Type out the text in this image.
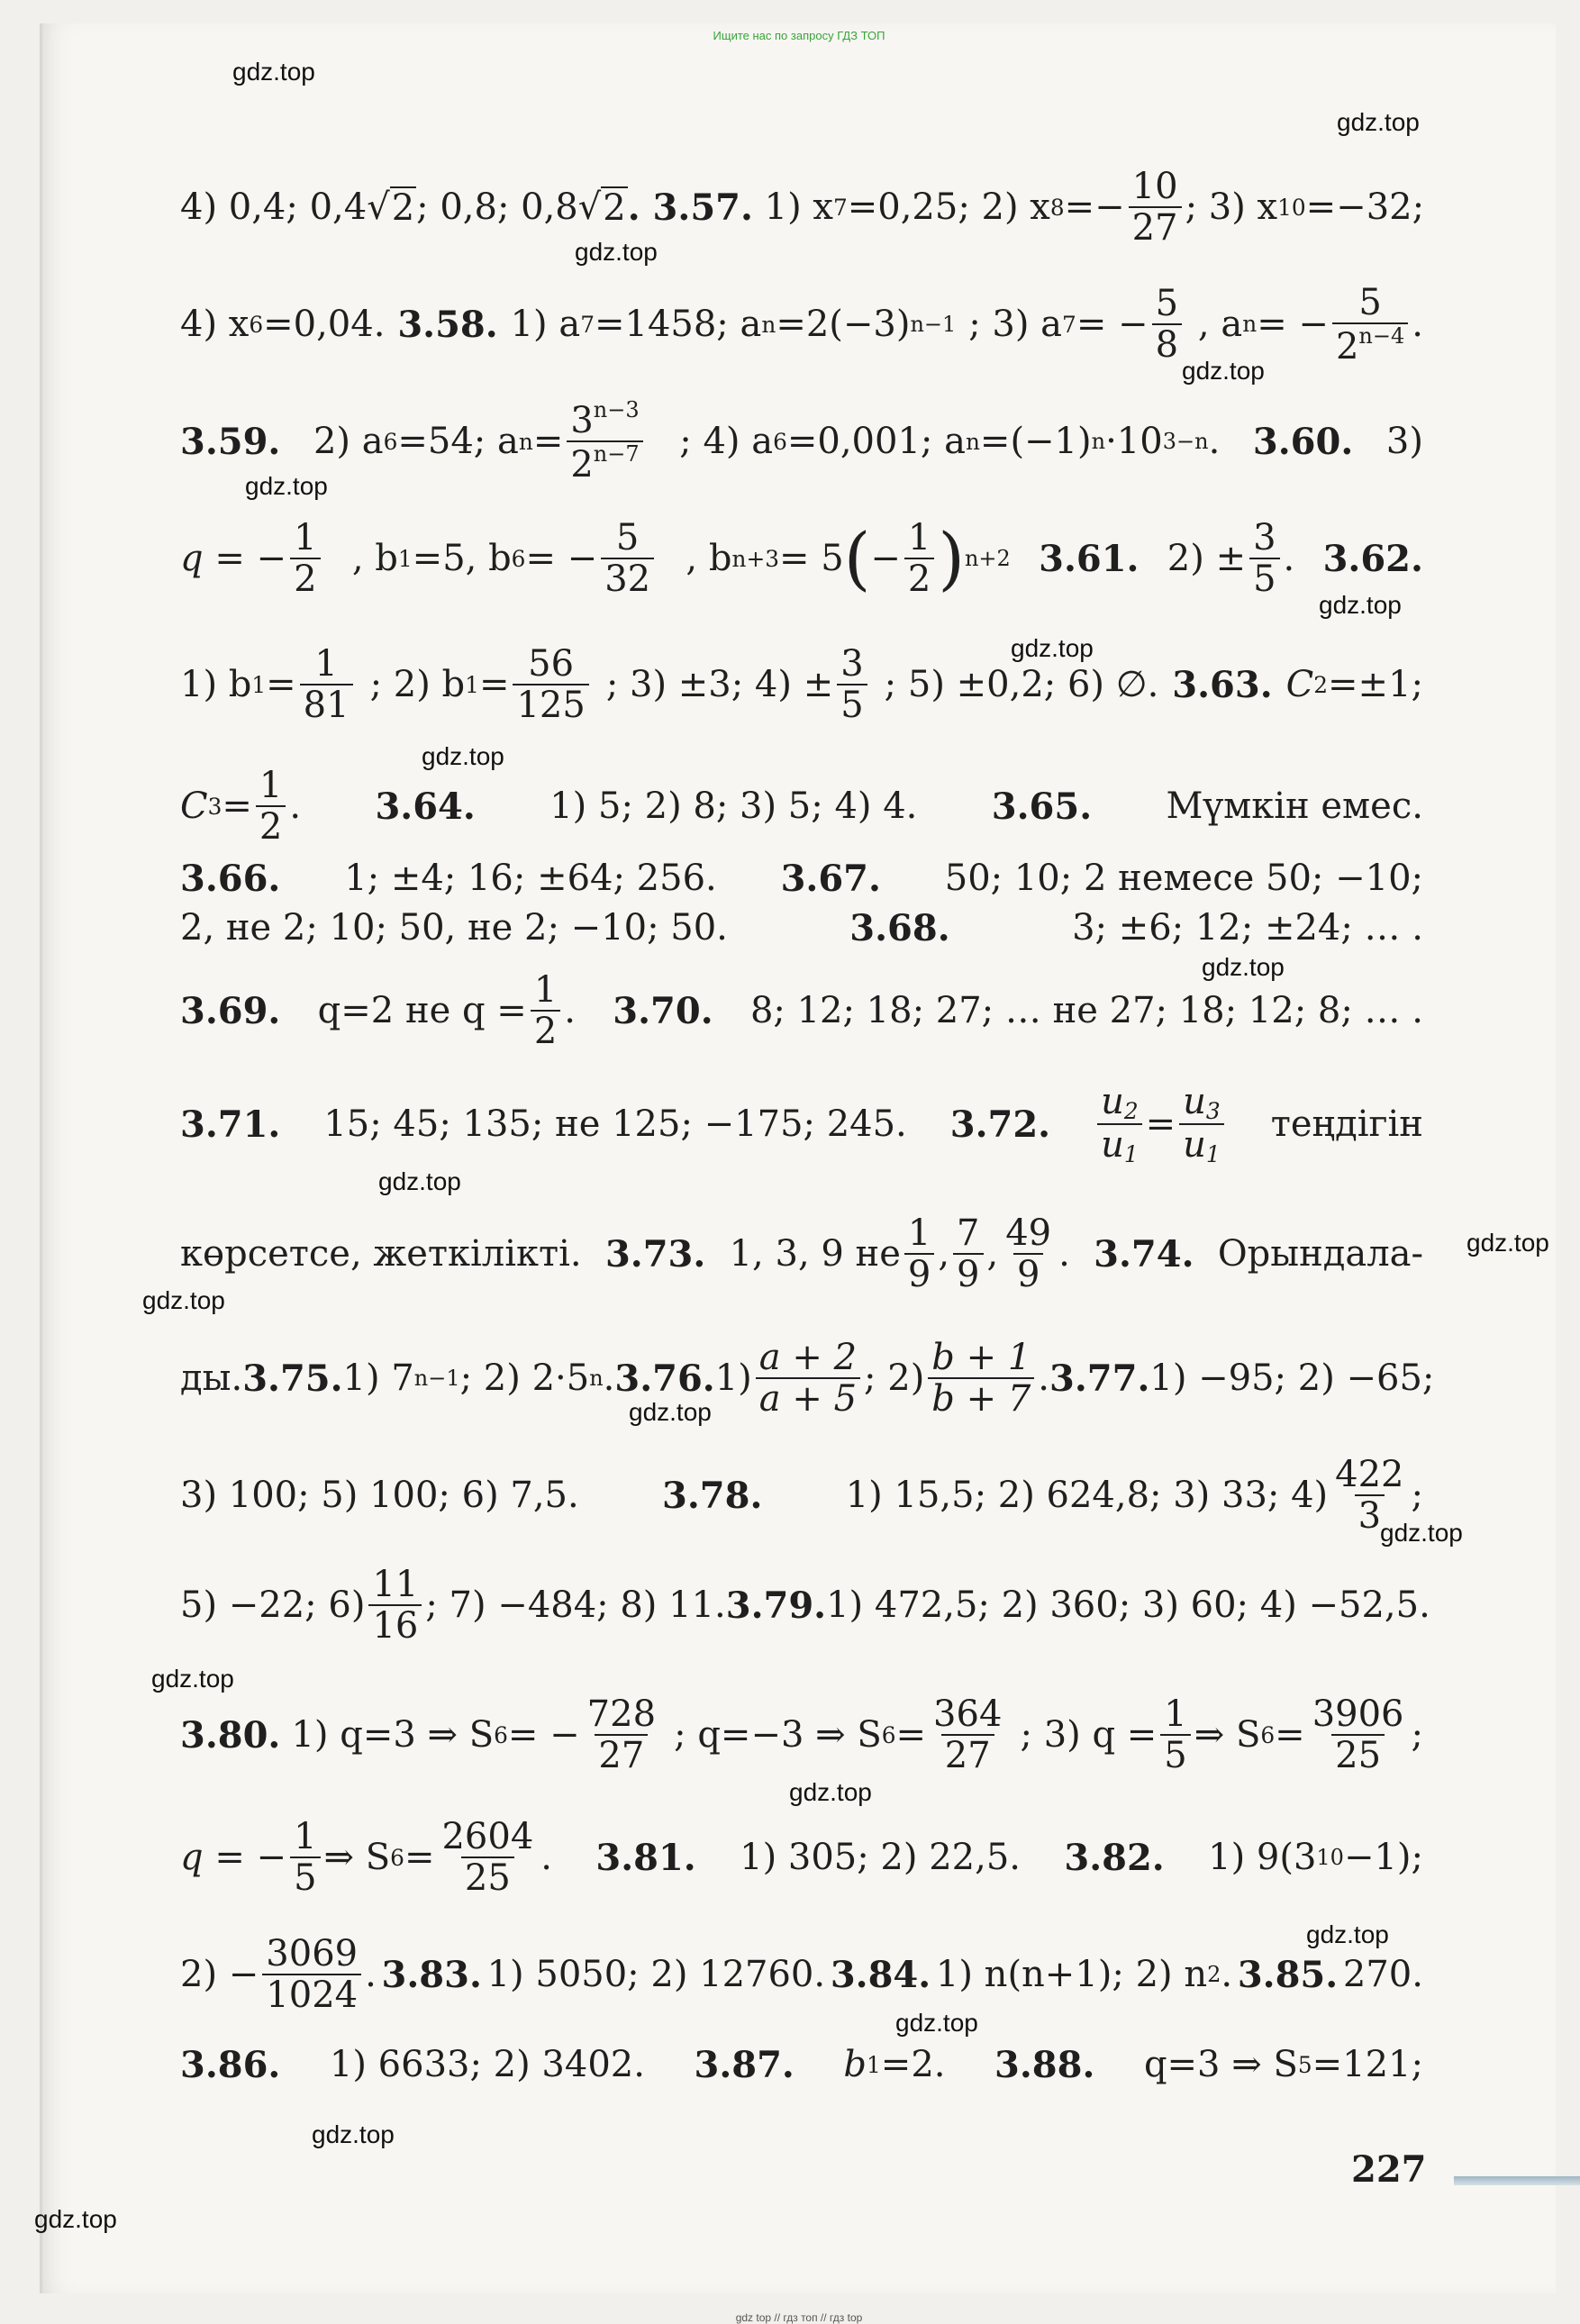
Ищите нас по запросу ГДЗ ТОП
gdz top // гдз топ // гдз top
gdz.top
gdz.top
gdz.top
gdz.top
gdz.top
gdz.top
gdz.top
gdz.top
gdz.top
gdz.top
gdz.top
gdz.top
gdz.top
gdz.top
gdz.top
gdz.top
gdz.top
gdz.top
gdz.top
gdz.top
4) 0,4; 0,4 √ 2 ; 0,8; 0,8 √ 2 . 3.57.
1) x 7 =0,25; 2) x $8 =- \frac{10}{27}$ ; 3) x 10 =−32;
4) x 6 =0,04. 3.58. 1) a 7 =1458; a n =2(−3) n−1 ; 3) a 7 = − $\frac{5}{8}$ , a n = − $\frac{5}{2^{n-4}}$ .
3.59. 2) a 6 =54; a $n = \frac{3^{n-3}}{2^{n-7}}$ ; 4) a 6 =0,001; a n =(−1) n ·10 3−n . 3.60. 3)
q = − $\frac{1}{2}$ , b 1 =5, b 6 = − $\frac{5}{32}$ , b n+3 = 5 ( − $\frac{1}{2}$ ) n+2 3.61. $2) \pm \frac{3}{5}$ . 3.62.
1) b $1 = \frac{1}{81}$ ; 2) b $1 = \frac{56}{125}$ ; 3) ±3; $4) \pm \frac{3}{5}$ ; 5) ±0,2; 6) ∅. 3.63. C 2 =±1;
C $3 = \frac{1}{2}$ . 3.64. 1) 5; 2) 8; 3) 5; 4) 4. 3.65. Мүмкін емес.
3.66. 1; ±4; 16; ±64; 256. 3.67. 50; 10; 2 немесе 50; −10;
2, не 2; 10; 50, не 2; −10; 50.	3.68.	3; ±6; 12; ±24; … .
3.69. q=2 не $q = \frac{1}{2}$ . 3.70. 8; 12; 18; 27; … не 27; 18; 12; 8; … .
3.71. 15; 45; 135; не 125; −175; 245. 3.72. $\frac{u_2}{u_1} = \frac{u_3}{u_1}$ теңдігін
көрсетсе, жеткілікті. 3.73. 1, 3, 9 не $\frac{1}{9}$ , $\frac{7}{9}$ , $\frac{49}{9}$ . 3.74. Орындала-
ды. 3.75. 1) 7 n−1 ; 2) 2·5 n . 3.76. $1) \frac{a + 2}{a + 5}$ ; $2) \frac{b + 1}{b + 7}$ . 3.77. 1) −95; 2) −65;
3) 100; 5) 100; 6) 7,5. 3.78. 1) 15,5; 2) 624,8; 3) 33; $4) \frac{422}{3}$ ;
5) −22; $6) \frac{11}{16}$ ; 7) −484; 8) 11. 3.79. 1) 472,5; 2) 360; 3) 60; 4) −52,5.
3.80. 1) q=3 ⇒ S 6 = − $\frac{728}{27}$ ; q=−3 ⇒ S $6 = \frac{364}{27}$ ; 3) $q = \frac{1}{5}$ ⇒ S $6 = \frac{3906}{25}$ ;
q = − $\frac{1}{5}$ ⇒ S $6 = \frac{2604}{25}$ . 3.81. 1) 305; 2) 22,5. 3.82. 1) 9(3 10 −1);
$2) - \frac{3069}{1024}$ . 3.83. 1) 5050; 2) 12760. 3.84. 1) n(n+1); 2) n 2 . 3.85. 270.
3.86. 1) 6633; 2) 3402. 3.87. b 1 =2. 3.88. q=3 ⇒ S 5 =121;
227
